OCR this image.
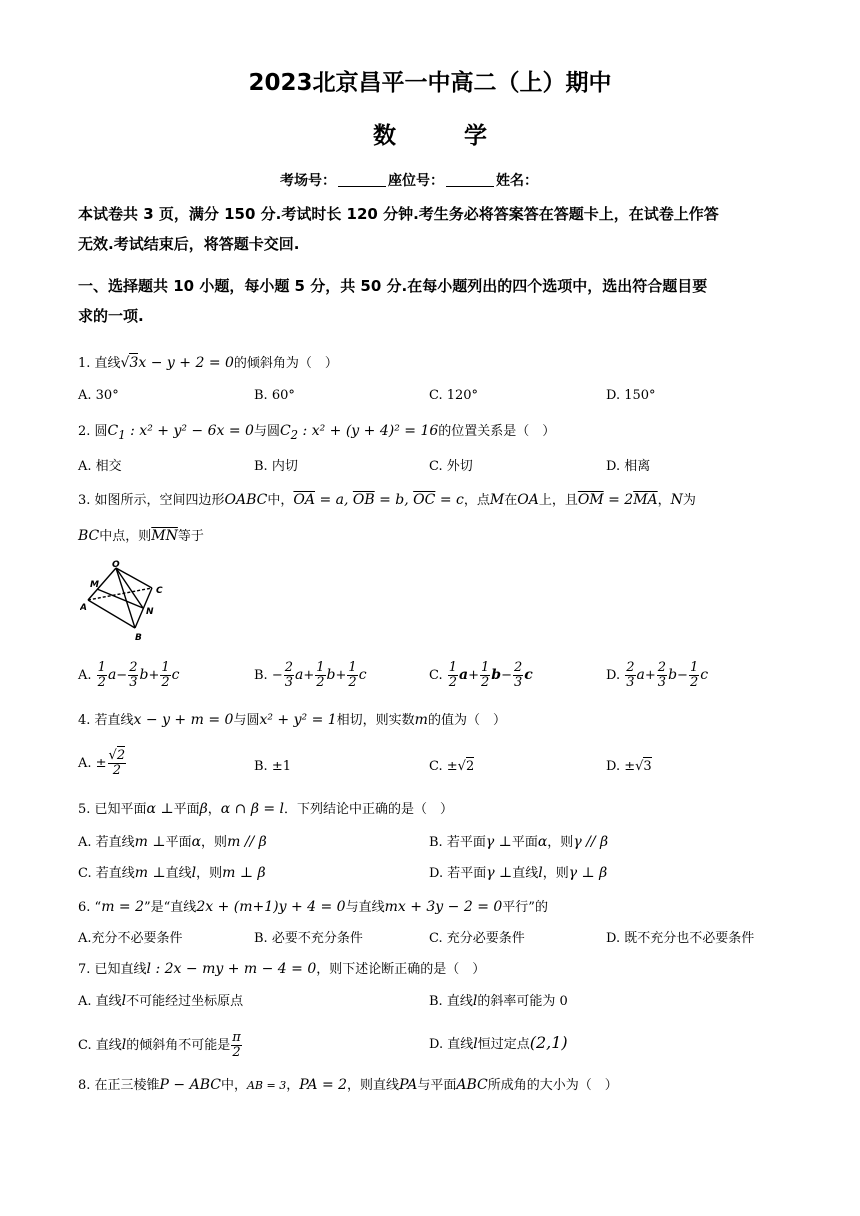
2023北京昌平一中高二（上）期中
数 学
考场号：	座位号：	姓名：
本试卷共 3 页，满分 150 分.考试时长 120 分钟.考生务必将答案答在答题卡上，在试卷上作答
无效.考试结束后，将答题卡交回.
一、选择题共 10 小题，每小题 5 分，共 50 分.在每小题列出的四个选项中，选出符合题目要
求的一项.
1. 直线√3x − y + 2 = 0的倾斜角为（　）
A. 30°	B. 60°	C. 120°	D. 150°
2. 圆$C_1$ : x² + y² − 6x = 0与圆$C_2$ : x² + (y + 4)² = 16的位置关系是（　）
A. 相交	B. 内切	C. 外切	D. 相离
3. 如图所示，空间四边形OABC中，$\overline{OA} = a$, $\overline{OB} = b$, $\overline{OC} = c$，点M在OA上，且$\overline{OM} = 2\overline{MA}$，N为
BC中点，则$\overline{MN}$等于
O
M
C
A	N
B
A. $\frac{1}{2} a- \frac{2}{3} b+ \frac{1}{2}$ c	B. − $\frac{2}{3} a+ \frac{1}{2} b+ \frac{1}{2}$ c	C. $\frac{1}{2} a+ \frac{1}{2} b- \frac{2}{3}$ c	D. $\frac{2}{3} a+ \frac{2}{3} b- \frac{1}{2}$ c
4. 若直线x − y + m = 0与圆x² + y² = 1相切，则实数m的值为（　）
A. ± $\frac{√2}{2}$	B. ±1	C. ±√2	D. ±√3
5. 已知平面α ⊥平面β，α ∩ β = l．下列结论中正确的是（　）
A. 若直线m ⊥平面α，则m // β	B. 若平面γ ⊥平面α，则γ // β
C. 若直线m ⊥直线l，则m ⊥ β	D. 若平面γ ⊥直线l，则γ ⊥ β
6. “m = 2”是“直线2x + (m+1)y + 4 = 0与直线mx + 3y − 2 = 0平行”的
A.充分不必要条件	B. 必要不充分条件	C. 充分必要条件	D. 既不充分也不必要条件
7. 已知直线l : 2x − my + m − 4 = 0，则下述论断正确的是（　）
A. 直线l不可能经过坐标原点	B. 直线l的斜率可能为 0
C. 直线l的倾斜角不可能是 $\frac{\pi}{2}$	D. 直线l恒过定点(2,1)
8. 在正三棱锥P − ABC中，AB = 3，PA = 2，则直线PA与平面ABC所成角的大小为（　）
